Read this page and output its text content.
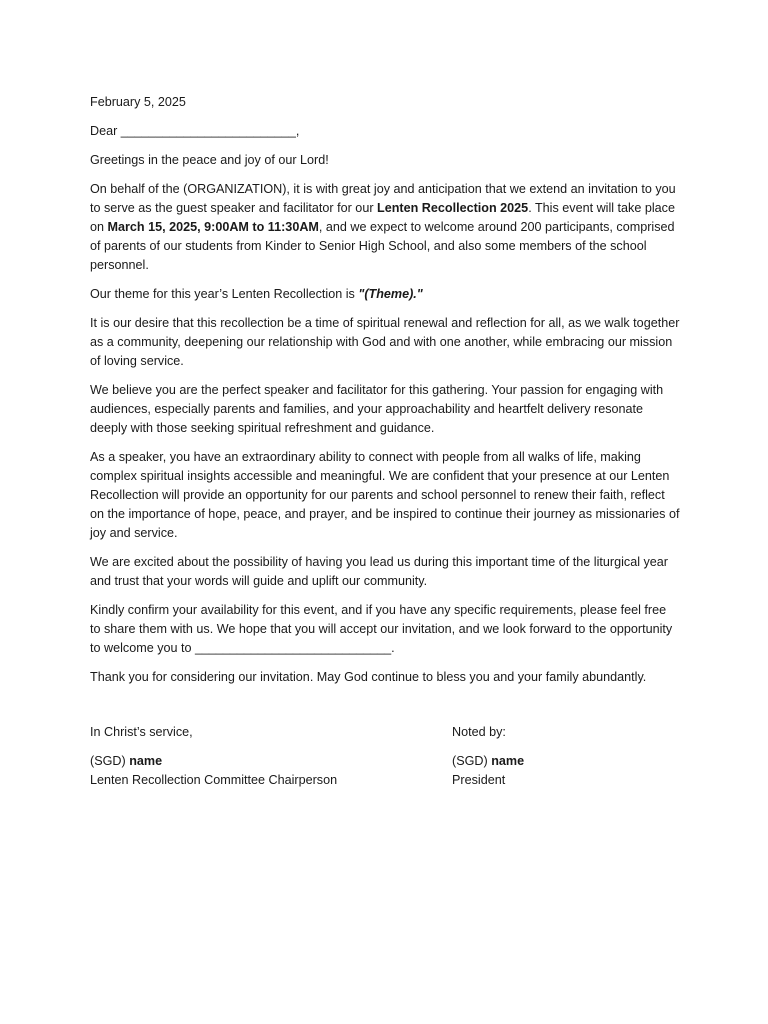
February 5, 2025

Dear _________________________,

Greetings in the peace and joy of our Lord!

On behalf of the (ORGANIZATION), it is with great joy and anticipation that we extend an invitation to you to serve as the guest speaker and facilitator for our Lenten Recollection 2025. This event will take place on March 15, 2025, 9:00AM to 11:30AM, and we expect to welcome around 200 participants, comprised of parents of our students from Kinder to Senior High School, and also some members of the school personnel.

Our theme for this year’s Lenten Recollection is "(Theme)."

It is our desire that this recollection be a time of spiritual renewal and reflection for all, as we walk together as a community, deepening our relationship with God and with one another, while embracing our mission of loving service.

We believe you are the perfect speaker and facilitator for this gathering. Your passion for engaging with audiences, especially parents and families, and your approachability and heartfelt delivery resonate deeply with those seeking spiritual refreshment and guidance.

As a speaker, you have an extraordinary ability to connect with people from all walks of life, making complex spiritual insights accessible and meaningful. We are confident that your presence at our Lenten Recollection will provide an opportunity for our parents and school personnel to renew their faith, reflect on the importance of hope, peace, and prayer, and be inspired to continue their journey as missionaries of joy and service.

We are excited about the possibility of having you lead us during this important time of the liturgical year and trust that your words will guide and uplift our community.

Kindly confirm your availability for this event, and if you have any specific requirements, please feel free to share them with us. We hope that you will accept our invitation, and we look forward to the opportunity to welcome you to ____________________________.

Thank you for considering our invitation. May God continue to bless you and your family abundantly.

In Christ’s service,
(SGD) name
Lenten Recollection Committee Chairperson
Noted by:
(SGD) name
President
